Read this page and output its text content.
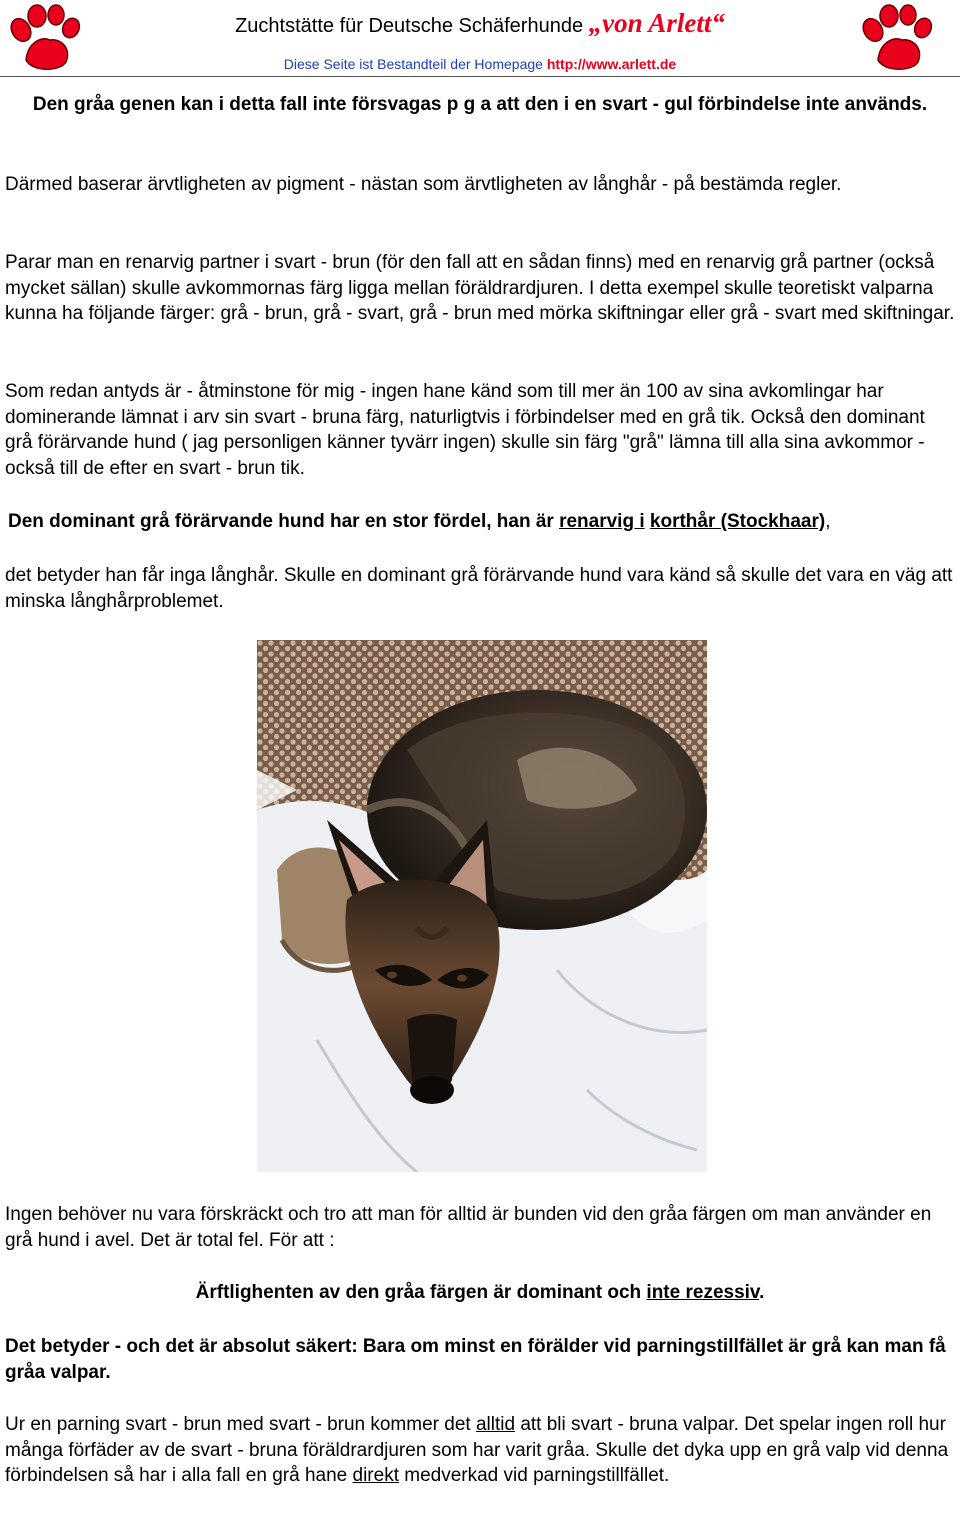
Zuchtstätte für Deutsche Schäferhunde „von Arlett“
Diese Seite ist Bestandteil der Homepage http://www.arlett.de

Den gråa genen kan i detta fall inte försvagas p g a att den i en svart - gul förbindelse inte används.

Därmed baserar ärvtligheten av pigment - nästan som ärvtligheten av långhår - på bestämda regler.

Parar man en renarvig partner i svart - brun (för den fall att en sådan finns) med en renarvig grå partner (också mycket sällan) skulle avkommornas färg ligga mellan föräldrardjuren. I detta exempel skulle teoretiskt valparna kunna ha följande färger: grå - brun, grå - svart, grå - brun med mörka skiftningar eller grå - svart med skiftningar.

Som redan antyds är - åtminstone för mig - ingen hane känd som till mer än 100 av sina avkomlingar har dominerande lämnat i arv sin svart - bruna färg, naturligtvis i förbindelser med en grå tik. Också den dominant grå förärvande hund ( jag personligen känner tyvärr ingen) skulle sin färg "grå" lämna till alla sina avkommor - också till de efter en svart - brun tik.

Den dominant grå förärvande hund har en stor fördel, han är renarvig i korthår (Stockhaar),

det betyder han får inga långhår. Skulle en dominant grå förärvande hund vara känd så skulle det vara en väg att minska långhårproblemet.

Ingen behöver nu vara förskräckt och tro att man för alltid är bunden vid den gråa färgen om man använder en grå hund i avel. Det är total fel. För att :

Ärftlighenten av den gråa färgen är dominant och inte rezessiv.

Det betyder - och det är absolut säkert: Bara om minst en förälder vid parningstillfället är grå kan man få gråa valpar.

Ur en parning svart - brun med svart - brun kommer det alltid att bli svart - bruna valpar. Det spelar ingen roll hur många förfäder av de svart - bruna föräldrardjuren som har varit gråa. Skulle det dyka upp en grå valp vid denna förbindelsen så har i alla fall en grå hane direkt medverkad vid parningstillfället.
